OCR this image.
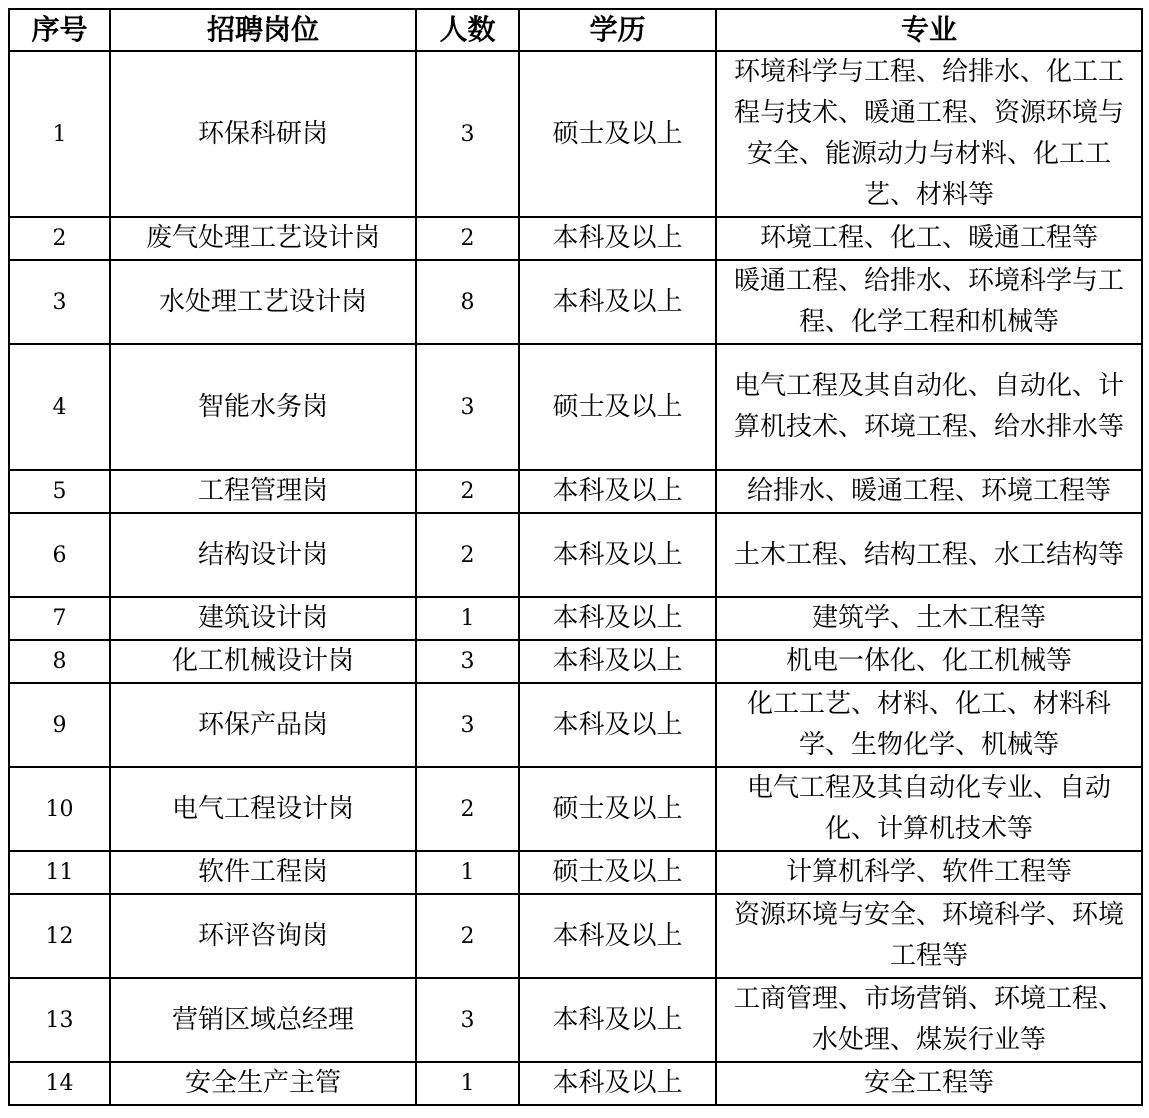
序号	招聘岗位	人数	学历	专业
1	环保科研岗	3	硕士及以上	环境科学与工程、给排水、化工工程与技术、暖通工程、资源环境与安全、能源动力与材料、化工工艺、材料等
2	废气处理工艺设计岗	2	本科及以上	环境工程、化工、暖通工程等
3	水处理工艺设计岗	8	本科及以上	暖通工程、给排水、环境科学与工程、化学工程和机械等
4	智能水务岗	3	硕士及以上	电气工程及其自动化、自动化、计算机技术、环境工程、给水排水等
5	工程管理岗	2	本科及以上	给排水、暖通工程、环境工程等
6	结构设计岗	2	本科及以上	土木工程、结构工程、水工结构等
7	建筑设计岗	1	本科及以上	建筑学、土木工程等
8	化工机械设计岗	3	本科及以上	机电一体化、化工机械等
9	环保产品岗	3	本科及以上	化工工艺、材料、化工、材料科学、生物化学、机械等
10	电气工程设计岗	2	硕士及以上	电气工程及其自动化专业、自动化、计算机技术等
11	软件工程岗	1	硕士及以上	计算机科学、软件工程等
12	环评咨询岗	2	本科及以上	资源环境与安全、环境科学、环境工程等
13	营销区域总经理	3	本科及以上	工商管理、市场营销、环境工程、水处理、煤炭行业等
14	安全生产主管	1	本科及以上	安全工程等
